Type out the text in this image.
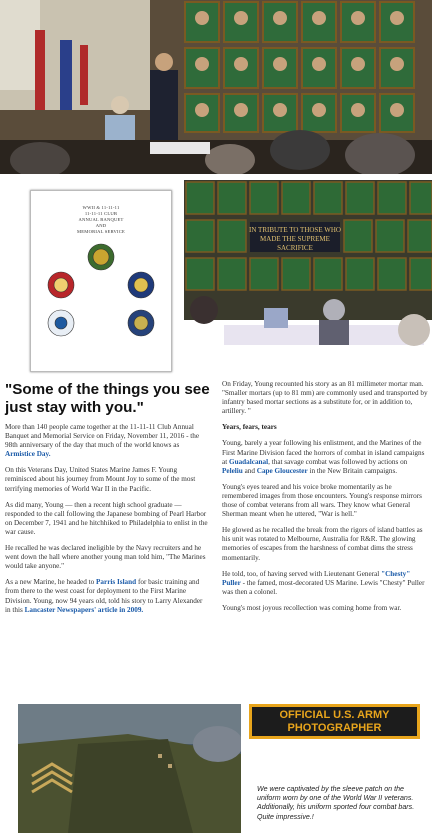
WWII & 11-11-11
11-11-11 CLUB
ANNUAL BANQUET
AND
MEMORIAL SERVICE	IN TRIBUTE TO THOSE WHO
MADE THE SUPREME
SACRIFICE
"Some of the things you see just stay with you."

More than 140 people came together at the 11-11-11 Club Annual Banquet and Memorial Service on Friday, November 11, 2016 - the 98th anniversary of the day that much of the world knows as Armistice Day.

On this Veterans Day, United States Marine James F. Young reminisced about his journey from Mount Joy to some of the most terrifying memories of World War II in the Pacific.

As did many, Young — then a recent high school graduate — responded to the call following the Japanese bombing of Pearl Harbor on December 7, 1941 and he hitchhiked to Philadelphia to enlist in the war cause.

He recalled he was declared ineligible by the Navy recruiters and he went down the hall where another young man told him, "The Marines would take anyone."

As a new Marine, he headed to Parris Island for basic training and from there to the west coast for deployment to the First Marine Division. Young, now 94 years old, told his story to Larry Alexander in this Lancaster Newspapers' article in 2009.

On Friday, Young recounted his story as an 81 millimeter mortar man. "Smaller mortars (up to 81 mm) are commonly used and transported by infantry based mortar sections as a substitute for, or in addition to, artillery. "

Years, fears, tears

Young, barely a year following his enlistment, and the Marines of the First Marine Division faced the horrors of combat in island campaigns at Guadalcanal, that savage combat was followed by actions on Peleliu and Cape Gloucester in the New Britain campaigns.

Young's eyes teared and his voice broke momentarily as he remembered images from those encounters. Young's response mirrors those of combat veterans from all wars. They know what General Sherman meant when he uttered, "War is hell."

He glowed as he recalled the break from the rigors of island battles as his unit was rotated to Melbourne, Australia for R&R. The glowing memories of escapes from the harshness of combat dims the stress momentarily.

He told, too, of having served with Lieutenant General "Chesty" Puller - the famed, most-decorated US Marine. Lewis "Chesty" Puller was then a colonel.

Young's most joyous recollection was coming home from war.

OFFICIAL U.S. ARMY
PHOTOGRAPHER

We were captivated by the sleeve patch on the uniform worn by one of the World War II veterans. Additionally, his uniform sported four combat bars. Quite impressive.!
